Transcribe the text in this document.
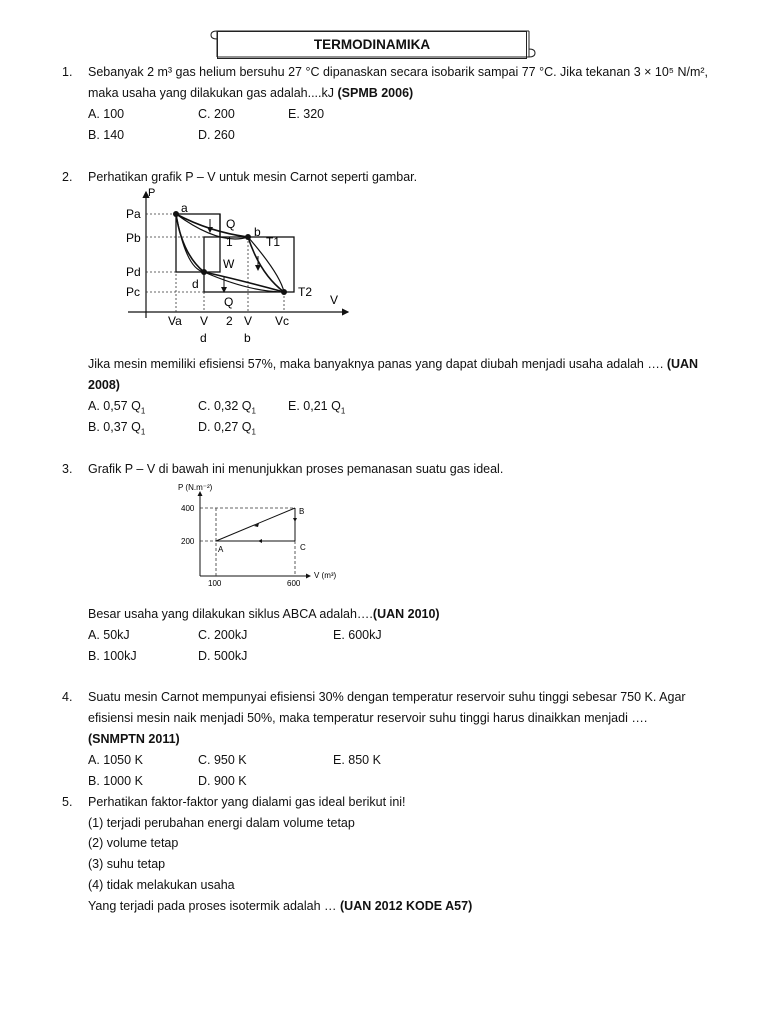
TERMODINAMIKA
1. Sebanyak 2 m³ gas helium bersuhu 27 °C dipanaskan secara isobarik sampai 77 °C. Jika tekanan 3 × 10⁵ N/m²,
maka usaha yang dilakukan gas adalah....kJ (SPMB 2006)
A. 100	C. 200	E. 320
B. 140	D. 260
2. Perhatikan grafik P – V untuk mesin Carnot seperti gambar.
P
V
Pa
Pb
Pd
Pc
a
b
d
Q
1	T1
W
Q
T2
Va V
d
2 V
b
Vc
Jika mesin memiliki efisiensi 57%, maka banyaknya panas yang dapat diubah menjadi usaha adalah …. (UAN
2008)
A. 0,57 $Q_1$	C. 0,32 $Q_1$	E. 0,21 $Q_1$
B. 0,37 $Q_1$	D. 0,27 $Q_1$
3. Grafik P – V di bawah ini menunjukkan proses pemanasan suatu gas ideal.
P (N.m⁻²)
V (m³)
400
200
100	600
A
B
C
Besar usaha yang dilakukan siklus ABCA adalah….(UAN 2010)
A. 50kJ	C. 200kJ	E. 600kJ
B. 100kJ	D. 500kJ
4. Suatu mesin Carnot mempunyai efisiensi 30% dengan temperatur reservoir suhu tinggi sebesar 750 K. Agar
efisiensi mesin naik menjadi 50%, maka temperatur reservoir suhu tinggi harus dinaikkan menjadi ….
(SNMPTN 2011)
A. 1050 K	C. 950 K	E. 850 K
B. 1000 K	D. 900 K
5. Perhatikan faktor-faktor yang dialami gas ideal berikut ini!
(1) terjadi perubahan energi dalam volume tetap
(2) volume tetap
(3) suhu tetap
(4) tidak melakukan usaha
Yang terjadi pada proses isotermik adalah … (UAN 2012 KODE A57)
